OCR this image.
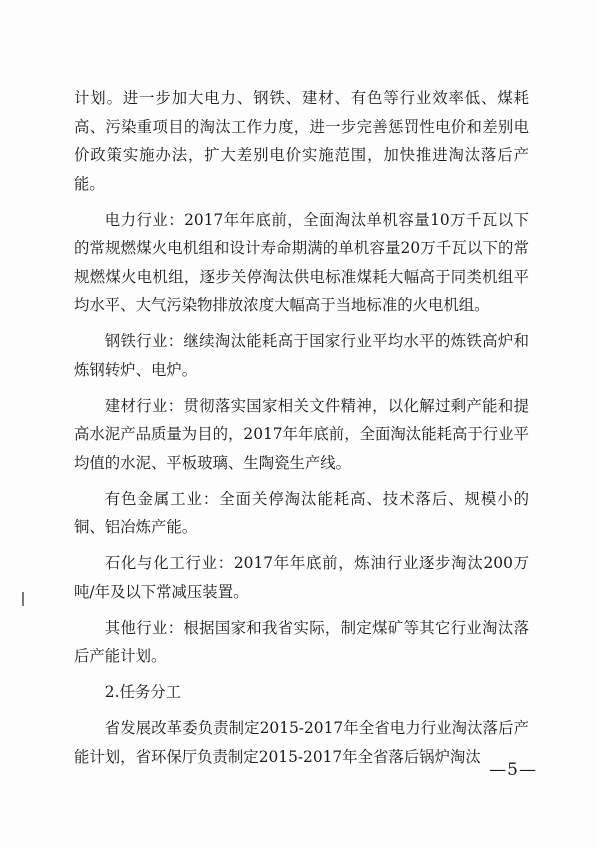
计划。进一步加大电力、钢铁、建材、有色等行业效率低、煤耗高、污染重项目的淘汰工作力度，进一步完善惩罚性电价和差别电价政策实施办法，扩大差别电价实施范围，加快推进淘汰落后产能。

电力行业：2017年年底前，全面淘汰单机容量10万千瓦以下的常规燃煤火电机组和设计寿命期满的单机容量20万千瓦以下的常规燃煤火电机组，逐步关停淘汰供电标准煤耗大幅高于同类机组平均水平、大气污染物排放浓度大幅高于当地标准的火电机组。

钢铁行业：继续淘汰能耗高于国家行业平均水平的炼铁高炉和炼钢转炉、电炉。

建材行业：贯彻落实国家相关文件精神，以化解过剩产能和提高水泥产品质量为目的，2017年年底前，全面淘汰能耗高于行业平均值的水泥、平板玻璃、生陶瓷生产线。

有色金属工业：全面关停淘汰能耗高、技术落后、规模小的铜、铝冶炼产能。

石化与化工行业：2017年年底前，炼油行业逐步淘汰200万吨/年及以下常减压装置。

其他行业：根据国家和我省实际，制定煤矿等其它行业淘汰落后产能计划。

2.任务分工

省发展改革委负责制定2015-2017年全省电力行业淘汰落后产能计划，省环保厅负责制定2015-2017年全省落后锅炉淘汰

—5—
